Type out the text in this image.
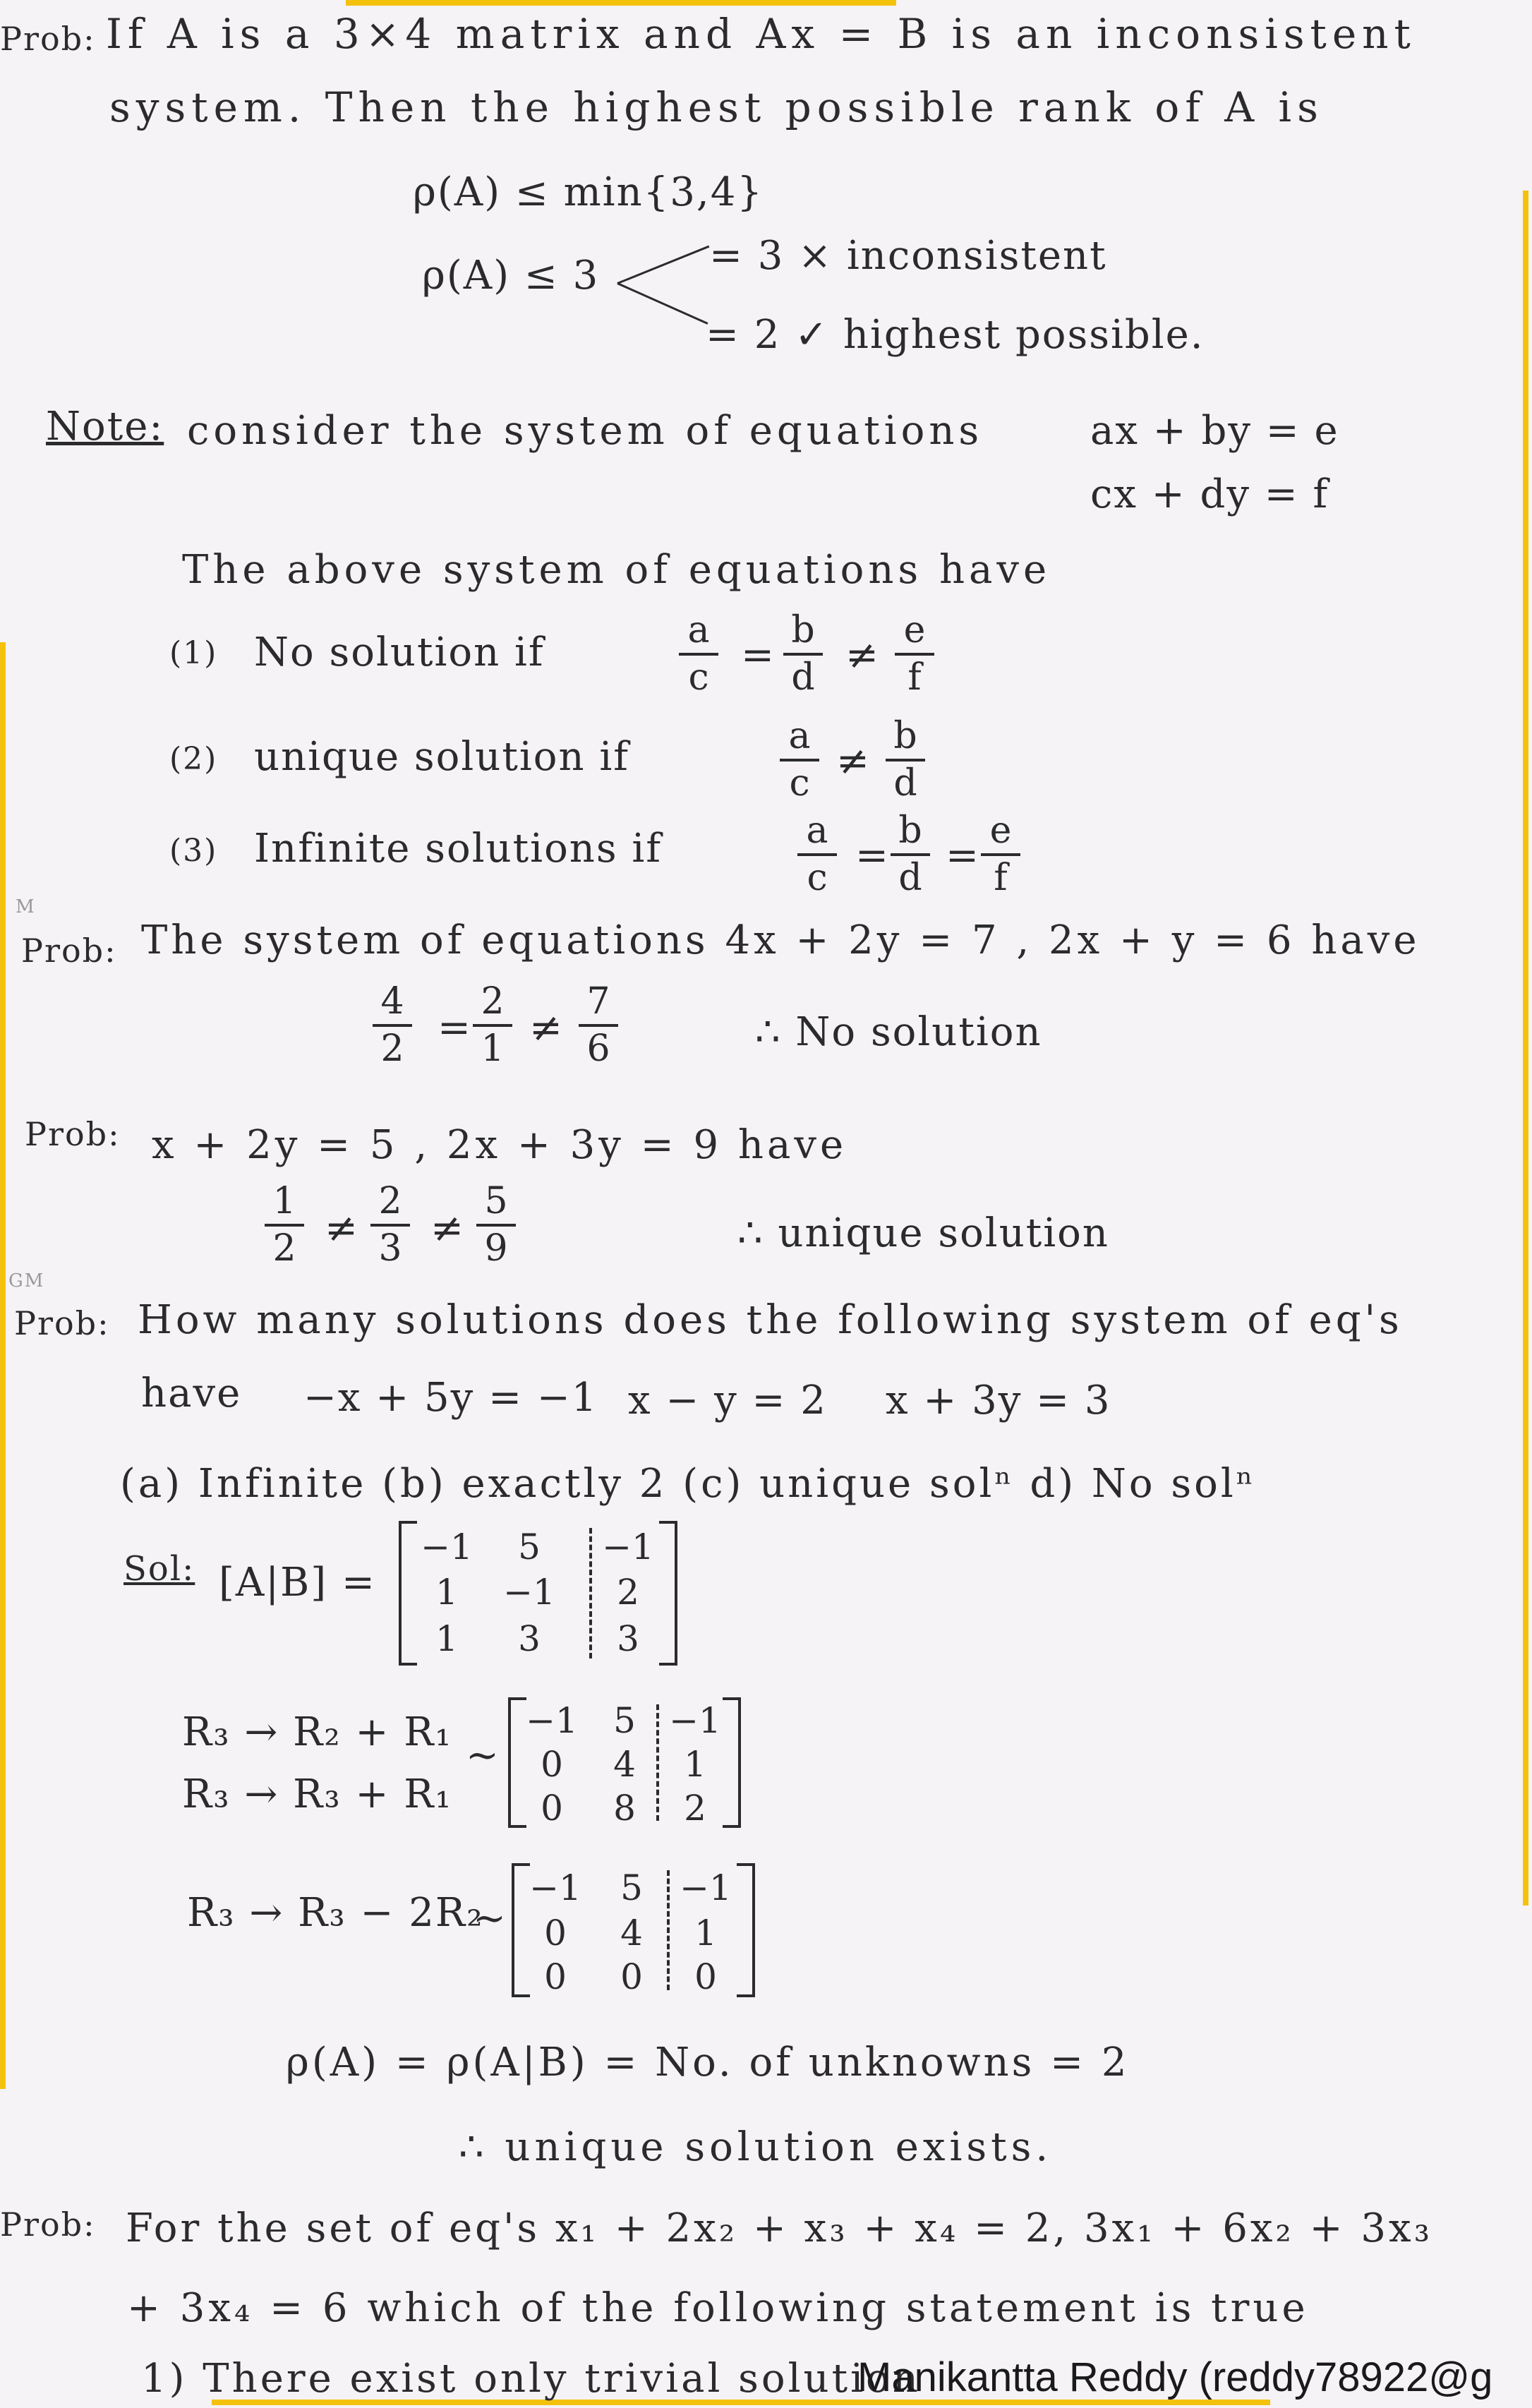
Prob: If A is a 3×4 matrix and Ax = B is an inconsistent
system. Then the highest possible rank of A is
ρ(A) ≤ min{3,4}
ρ(A) ≤ 3	= 3 × inconsistent
= 2 ✓ highest possible.
Note: consider the system of equations	ax + by = e
cx + dy = f
The above system of equations have
(1) No solution if	a
c =
b
d ≠
e
f
(2) unique solution if	a
c ≠
b
d
(3) Infinite solutions if	a
c =
b
d =
e
f
M
Prob: The system of equations 4x + 2y = 7 , 2x + y = 6 have
4
2 =
2
1 ≠
7
6	∴ No solution
Prob: x + 2y = 5 , 2x + 3y = 9 have
1
2 ≠
2
3 ≠
5
9	∴ unique solution
GM
Prob: How many solutions does the following system of eq's
have −x + 5y = −1 x − y = 2 x + 3y = 3
(a) Infinite (b) exactly 2 (c) unique solⁿ d) No solⁿ
Sol: [A|B] =
−1	5	−1
1	−1	2
1	3	3
R₃ → R₂ + R₁
R₃ → R₃ + R₁
~
−1	5 −1
0	4	1
0	8	2
R₃ → R₃ − 2R₂
~
−1	5	−1
0	4	1
0	0	0
ρ(A) = ρ(A|B) = No. of unknowns = 2
∴ unique solution exists.
Prob: For the set of eq's x₁ + 2x₂ + x₃ + x₄ = 2, 3x₁ + 6x₂ + 3x₃
+ 3x₄ = 6 which of the following statement is true
1) There exist only trivial solution
Manikantta Reddy (reddy78922@g
